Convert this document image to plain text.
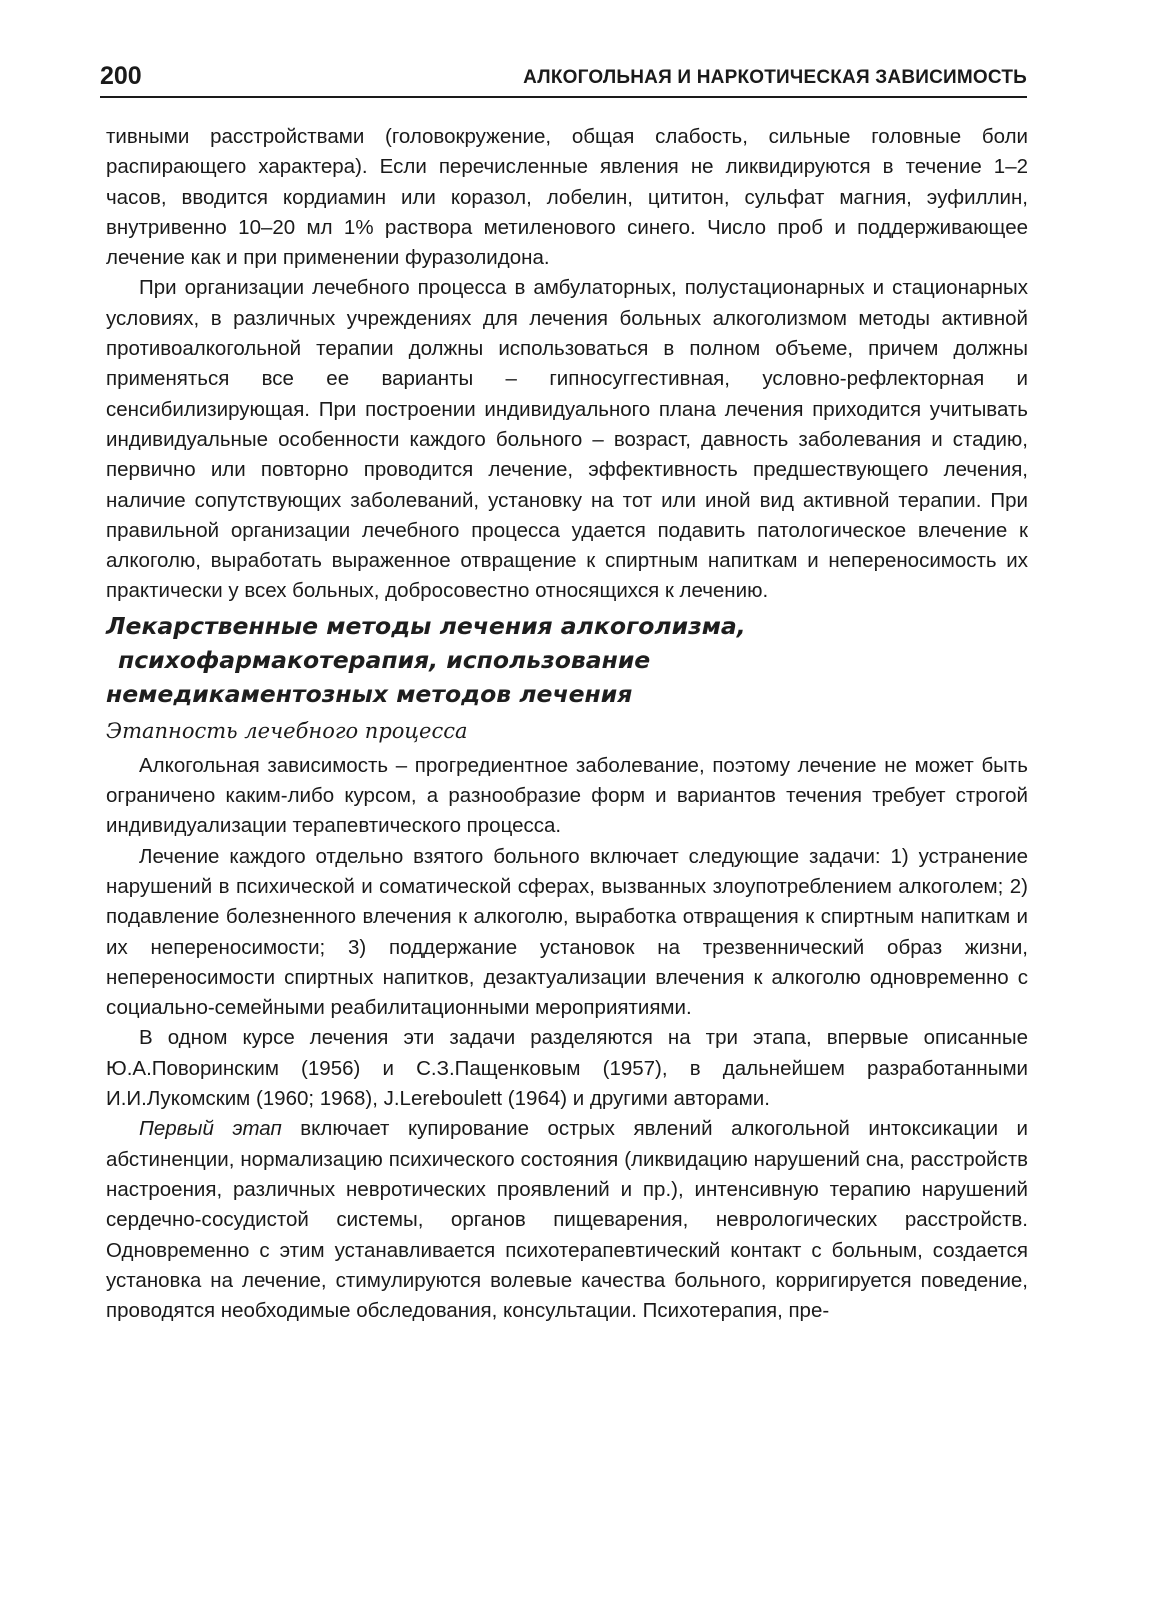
200	АЛКОГОЛЬНАЯ И НАРКОТИЧЕСКАЯ ЗАВИСИМОСТЬ

тивными расстройствами (головокружение, общая слабость, сильные головные боли распирающего характера). Если перечисленные явления не ликвидируются в течение 1–2 часов, вводится кордиамин или коразол, лобелин, цититон, сульфат магния, эуфиллин, внутривенно 10–20 мл 1% раствора метиленового синего. Число проб и поддерживающее лечение как и при применении фуразолидона.

При организации лечебного процесса в амбулаторных, полустационарных и стационарных условиях, в различных учреждениях для лечения больных алкоголизмом методы активной противоалкогольной терапии должны использоваться в полном объеме, причем должны применяться все ее варианты – гипносуггестивная, условно-рефлекторная и сенсибилизирующая. При построении индивидуального плана лечения приходится учитывать индивидуальные особенности каждого больного – возраст, давность заболевания и стадию, первично или повторно проводится лечение, эффективность предшествующего лечения, наличие сопутствующих заболеваний, установку на тот или иной вид активной терапии. При правильной организации лечебного процесса удается подавить патологическое влечение к алкоголю, выработать выраженное отвращение к спиртным напиткам и непереносимость их практически у всех больных, добросовестно относящихся к лечению.

Лекарственные методы лечения алкоголизма,
психофармакотерапия, использование
немедикаментозных методов лечения
Этапность лечебного процесса

Алкогольная зависимость – прогредиентное заболевание, поэтому лечение не может быть ограничено каким-либо курсом, а разнообразие форм и вариантов течения требует строгой индивидуализации терапевтического процесса.

Лечение каждого отдельно взятого больного включает следующие задачи: 1) устранение нарушений в психической и соматической сферах, вызванных злоупотреблением алкоголем; 2) подавление болезненного влечения к алкоголю, выработка отвращения к спиртным напиткам и их непереносимости; 3) поддержание установок на трезвеннический образ жизни, непереносимости спиртных напитков, дезактуализации влечения к алкоголю одновременно с социально-семейными реабилитационными мероприятиями.

В одном курсе лечения эти задачи разделяются на три этапа, впервые описанные Ю.А.Поворинским (1956) и С.З.Пащенковым (1957), в дальнейшем разработанными И.И.Лукомским (1960; 1968), J.Lereboulett (1964) и другими авторами.

Первый этап включает купирование острых явлений алкогольной интоксикации и абстиненции, нормализацию психического состояния (ликвидацию нарушений сна, расстройств настроения, различных невротических проявлений и пр.), интенсивную терапию нарушений сердечно-сосудистой системы, органов пищеварения, неврологических расстройств. Одновременно с этим устанавливается психотерапевтический контакт с больным, создается установка на лечение, стимулируются волевые качества больного, корригируется поведение, проводятся необходимые обследования, консультации. Психотерапия, пре-
